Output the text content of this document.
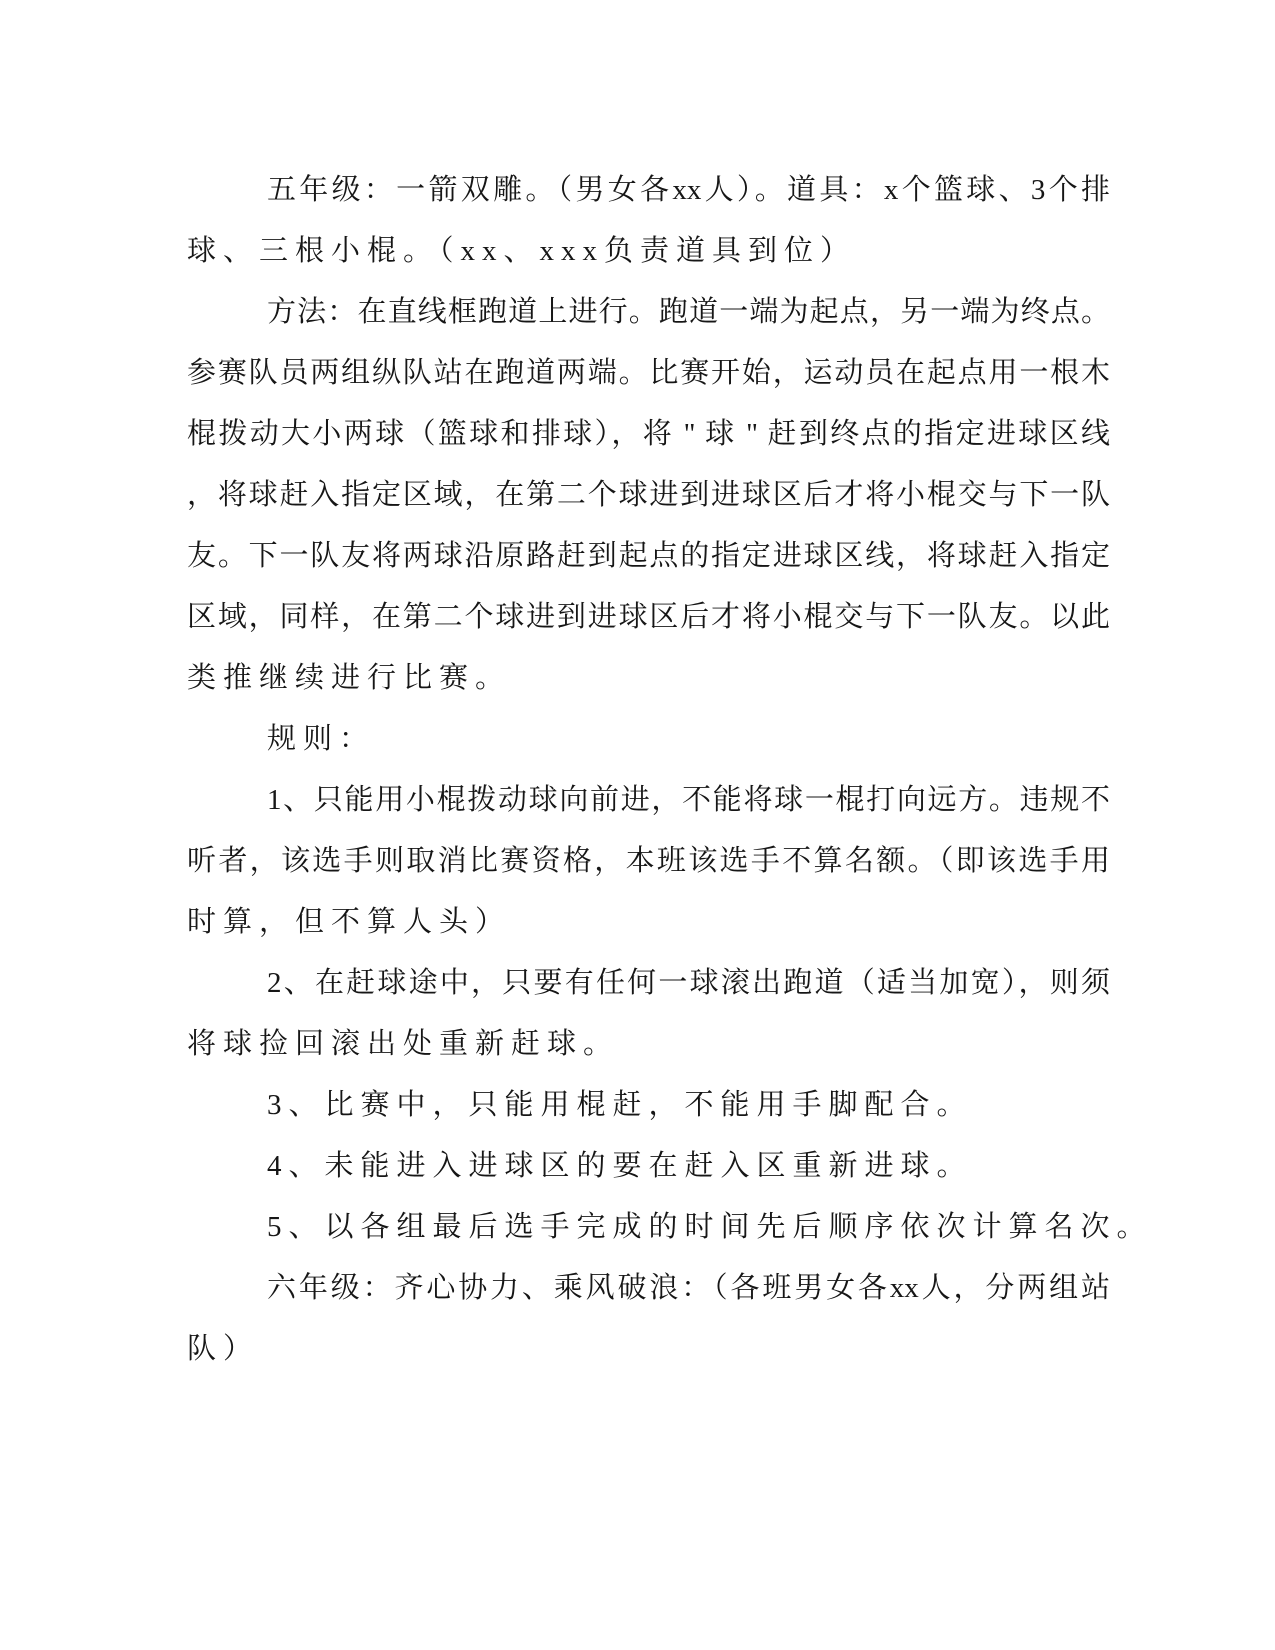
五年级：一箭双雕。（男女各xx人）。道具：x个篮球、3个排
球、三根小棍。（xx、xxx负责道具到位）

方法：在直线框跑道上进行。跑道一端为起点，另一端为终点。
参赛队员两组纵队站在跑道两端。比赛开始，运动员在起点用一根木
棍拨动大小两球（篮球和排球），将 " 球 " 赶到终点的指定进球区线
，将球赶入指定区域，在第二个球进到进球区后才将小棍交与下一队
友。下一队友将两球沿原路赶到起点的指定进球区线，将球赶入指定
区域，同样，在第二个球进到进球区后才将小棍交与下一队友。以此
类推继续进行比赛。

规则：

1、只能用小棍拨动球向前进，不能将球一棍打向远方。违规不
听者，该选手则取消比赛资格，本班该选手不算名额。（即该选手用
时算，但不算人头）

2、在赶球途中，只要有任何一球滚出跑道（适当加宽），则须
将球捡回滚出处重新赶球。

3、比赛中，只能用棍赶，不能用手脚配合。

4、未能进入进球区的要在赶入区重新进球。

5、以各组最后选手完成的时间先后顺序依次计算名次。

六年级：齐心协力、乘风破浪：（各班男女各xx人，分两组站
队）
